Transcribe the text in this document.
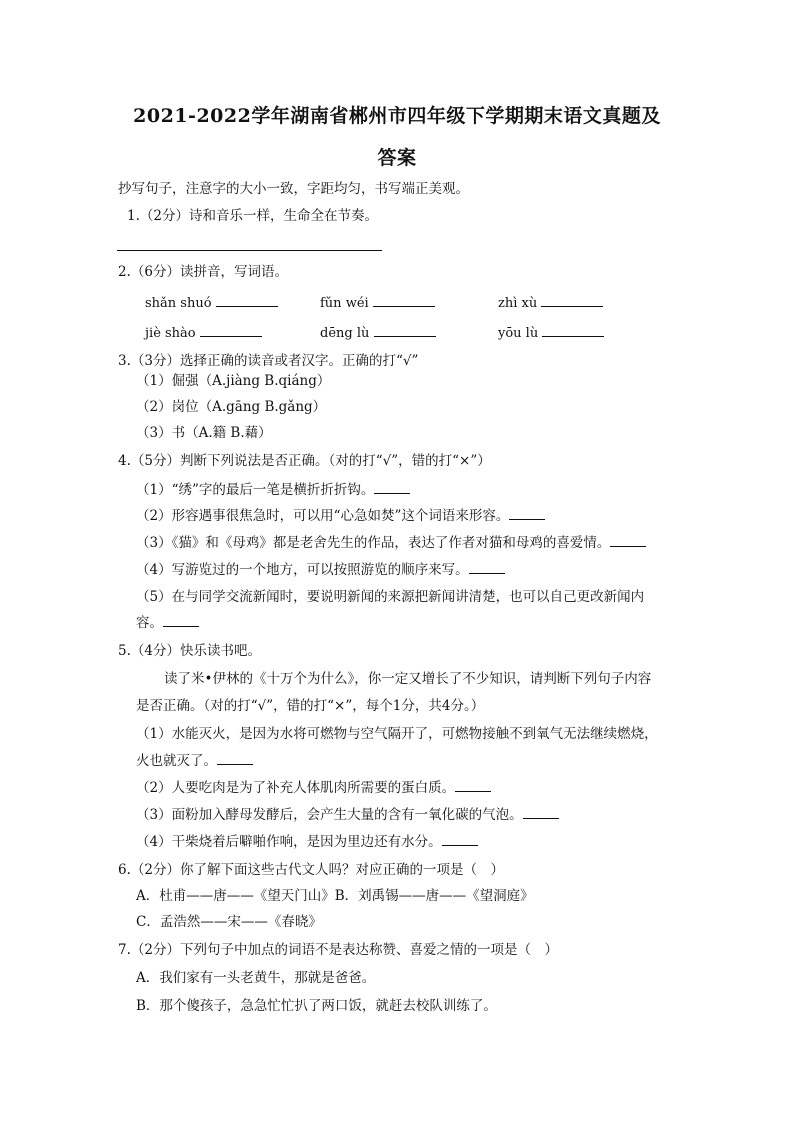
2021-2022学年湖南省郴州市四年级下学期期末语文真题及
答案
抄写句子，注意字的大小一致，字距均匀，书写端正美观。
1.（2分）诗和音乐一样，生命全在节奏。
2.（6分）读拼音，写词语。
shǎn shuó	fǔn wéi	zhì xù
jiè shào	dēng lù	yōu lù
3.（3分）选择正确的读音或者汉字。正确的打“√”
（1）倔强（A.jiàng B.qiáng）
（2）岗位（A.gāng B.gǎng）
（3）书（A.籍 B.藉）
4.（5分）判断下列说法是否正确。（对的打“√”，错的打“×”）
（1）“绣”字的最后一笔是横折折折钩。
（2）形容遇事很焦急时，可以用“心急如焚”这个词语来形容。
（3）《猫》和《母鸡》都是老舍先生的作品，表达了作者对猫和母鸡的喜爱情。
（4）写游览过的一个地方，可以按照游览的顺序来写。
（5）在与同学交流新闻时，要说明新闻的来源把新闻讲清楚，也可以自己更改新闻内
容。
5.（4分）快乐读书吧。
读了米•伊林的《十万个为什么》，你一定又增长了不少知识，请判断下列句子内容
是否正确。（对的打“√”，错的打“×”，每个1分，共4分。）
（1）水能灭火，是因为水将可燃物与空气隔开了，可燃物接触不到氧气无法继续燃烧，
火也就灭了。
（2）人要吃肉是为了补充人体肌肉所需要的蛋白质。
（3）面粉加入酵母发酵后，会产生大量的含有一氧化碳的气泡。
（4）干柴烧着后噼啪作响，是因为里边还有水分。
6.（2分）你了解下面这些古代文人吗？对应正确的一项是（　）
A．杜甫——唐——《望天门山》B．刘禹锡——唐——《望洞庭》
C．孟浩然——宋——《春晓》
7.（2分）下列句子中加点的词语不是表达称赞、喜爱之情的一项是（　）
A．我们家有一头老黄牛，那就是爸爸。
B．那个傻孩子，急急忙忙扒了两口饭，就赶去校队训练了。
